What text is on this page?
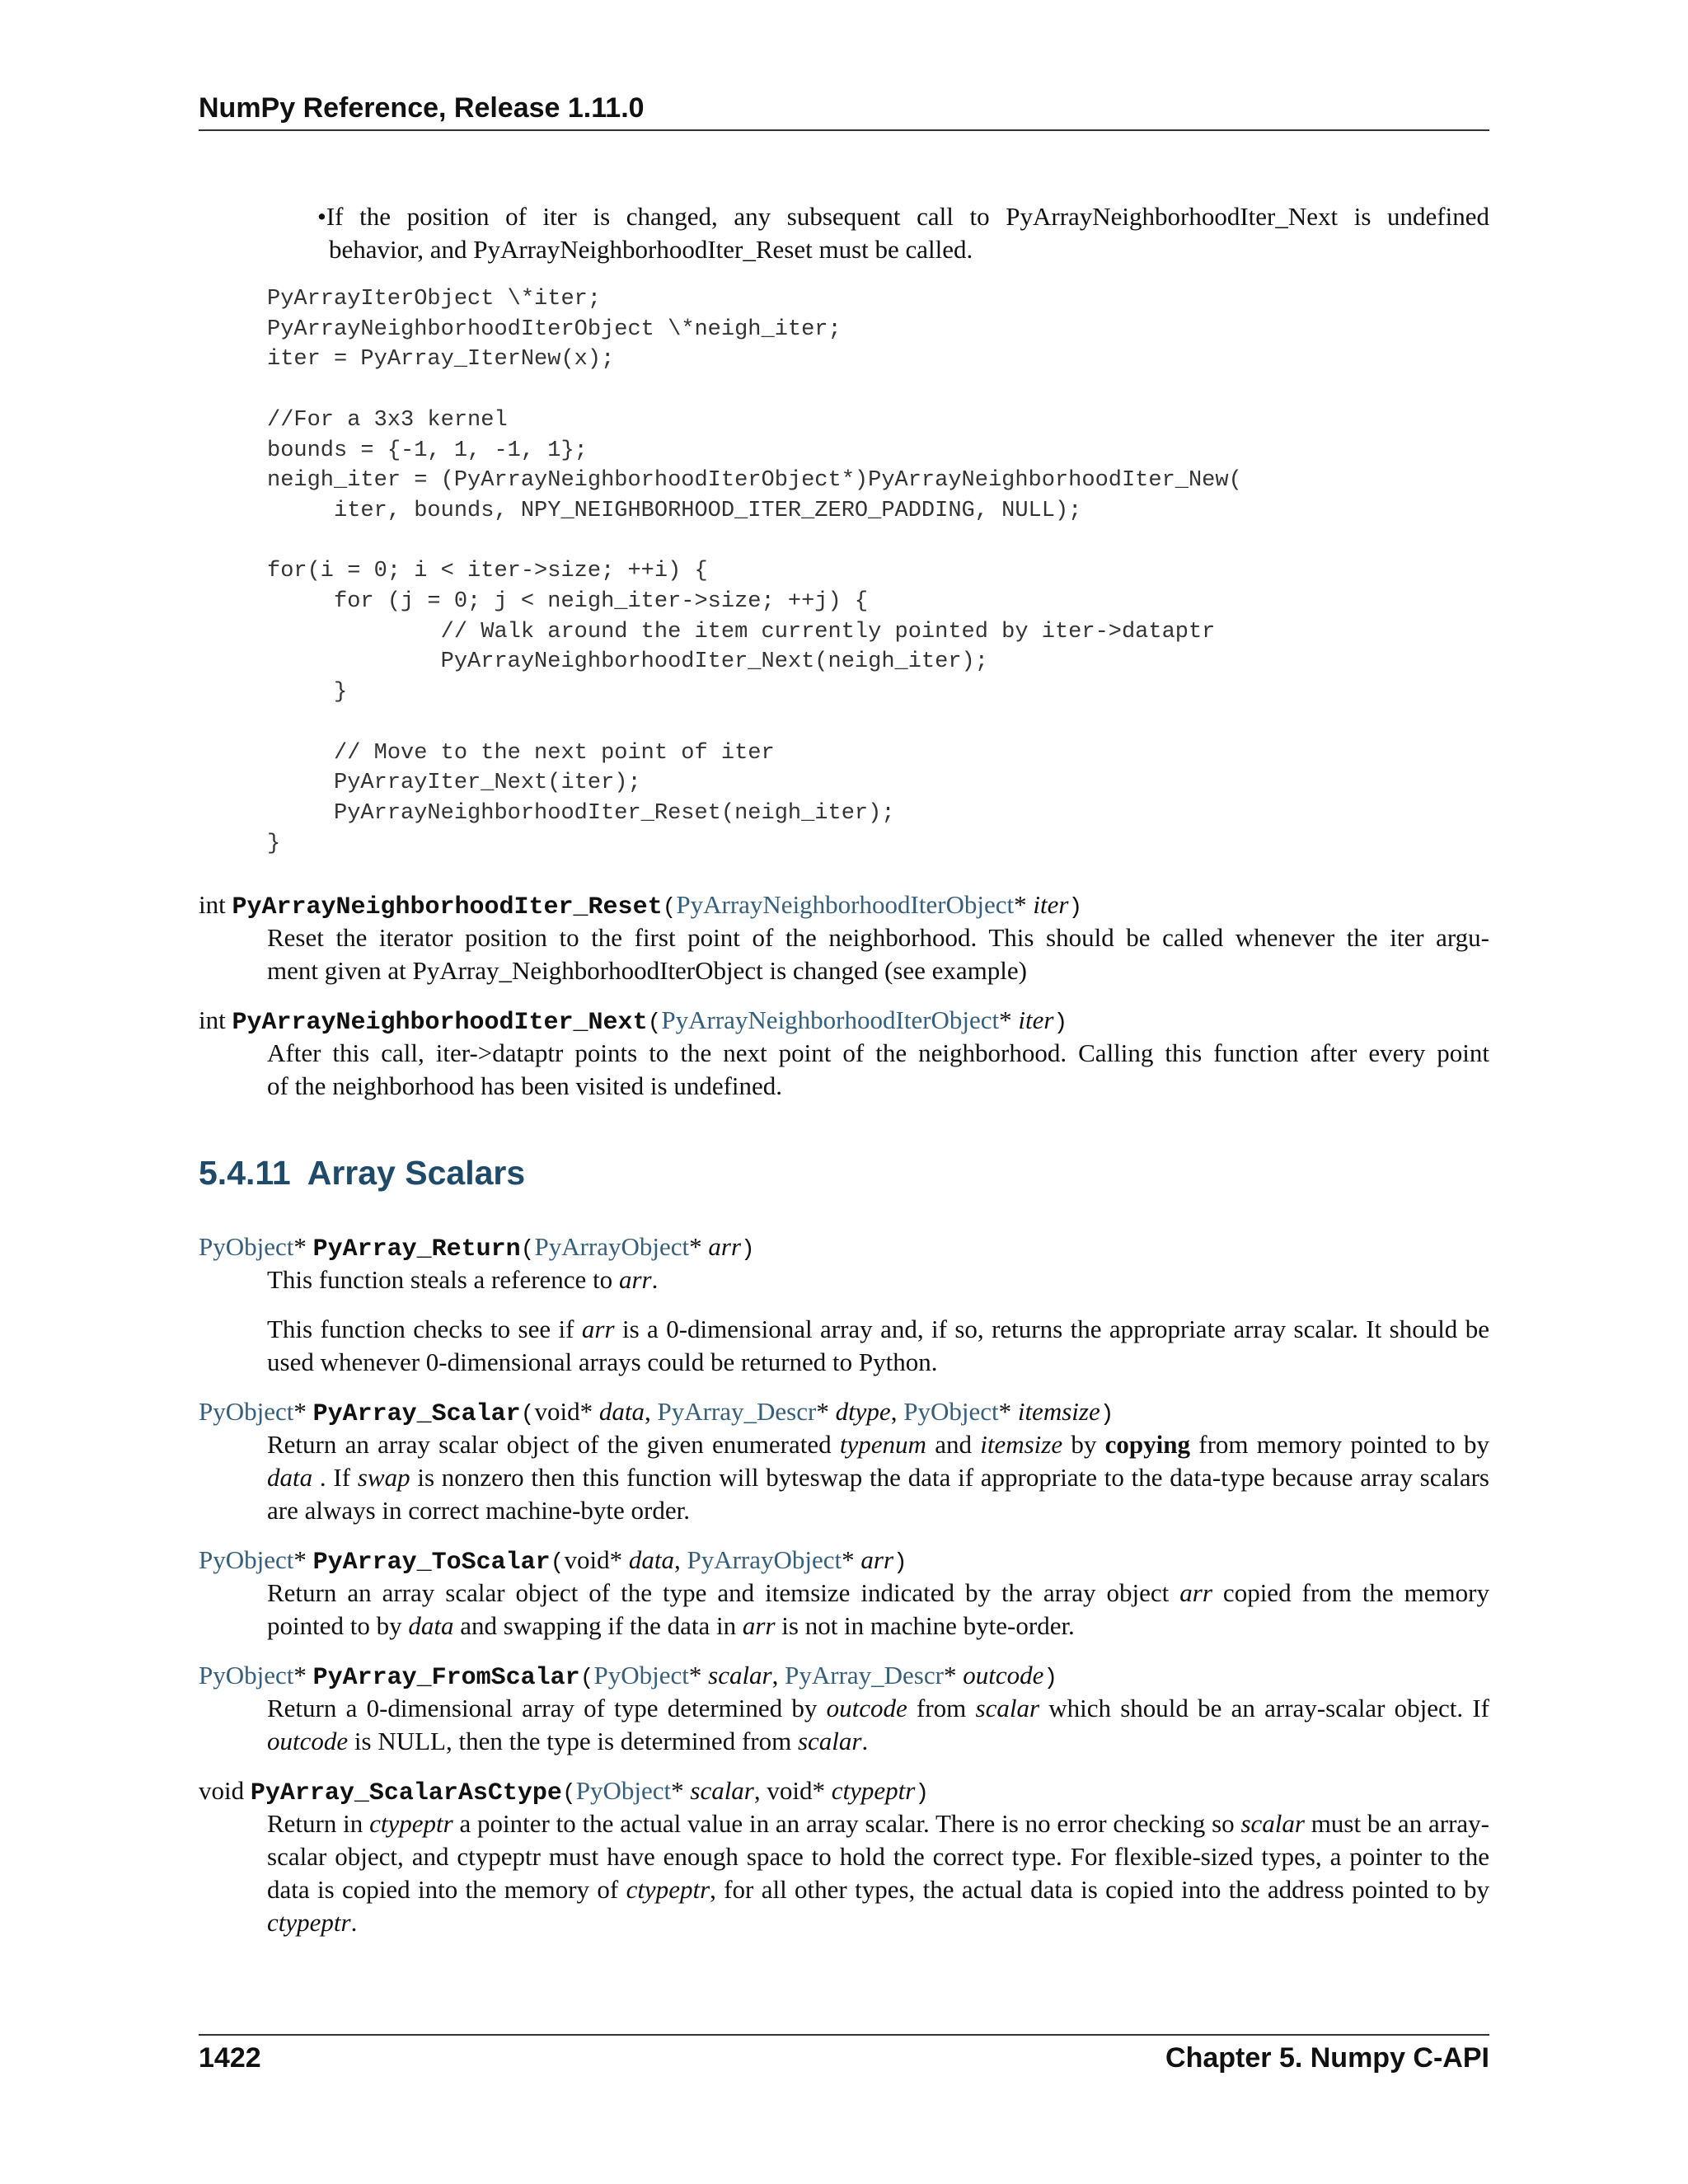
NumPy Reference, Release 1.11.0
•If the position of iter is changed, any subsequent call to PyArrayNeighborhoodIter_Next is undefined
behavior, and PyArrayNeighborhoodIter_Reset must be called.
PyArrayIterObject \*iter;
PyArrayNeighborhoodIterObject \*neigh_iter;
iter = PyArray_IterNew(x);

//For a 3x3 kernel
bounds = {-1, 1, -1, 1};
neigh_iter = (PyArrayNeighborhoodIterObject*)PyArrayNeighborhoodIter_New(
iter, bounds, NPY_NEIGHBORHOOD_ITER_ZERO_PADDING, NULL);

for(i = 0; i < iter->size; ++i) {
for (j = 0; j < neigh_iter->size; ++j) {
// Walk around the item currently pointed by iter->dataptr
PyArrayNeighborhoodIter_Next(neigh_iter);
}

// Move to the next point of iter
PyArrayIter_Next(iter);
PyArrayNeighborhoodIter_Reset(neigh_iter);
}
int PyArrayNeighborhoodIter_Reset(PyArrayNeighborhoodIterObject* iter)
Reset the iterator position to the first point of the neighborhood. This should be called whenever the iter argu-
ment given at PyArray_NeighborhoodIterObject is changed (see example)
int PyArrayNeighborhoodIter_Next(PyArrayNeighborhoodIterObject* iter)
After this call, iter->dataptr points to the next point of the neighborhood. Calling this function after every point
of the neighborhood has been visited is undefined.
5.4.11 Array Scalars
PyObject* PyArray_Return(PyArrayObject* arr)
This function steals a reference to arr.
This function checks to see if arr is a 0-dimensional array and, if so, returns the appropriate array scalar. It should be used whenever 0-dimensional arrays could be returned to Python.
PyObject* PyArray_Scalar(void* data, PyArray_Descr* dtype, PyObject* itemsize)
Return an array scalar object of the given enumerated typenum and itemsize by copying from memory pointed to by data . If swap is nonzero then this function will byteswap the data if appropriate to the data-type because array scalars are always in correct machine-byte order.
PyObject* PyArray_ToScalar(void* data, PyArrayObject* arr)
Return an array scalar object of the type and itemsize indicated by the array object arr copied from the memory pointed to by data and swapping if the data in arr is not in machine byte-order.
PyObject* PyArray_FromScalar(PyObject* scalar, PyArray_Descr* outcode)
Return a 0-dimensional array of type determined by outcode from scalar which should be an array-scalar object. If outcode is NULL, then the type is determined from scalar.
void PyArray_ScalarAsCtype(PyObject* scalar, void* ctypeptr)
Return in ctypeptr a pointer to the actual value in an array scalar. There is no error checking so scalar must be an array-scalar object, and ctypeptr must have enough space to hold the correct type. For flexible-sized types, a pointer to the data is copied into the memory of ctypeptr, for all other types, the actual data is copied into the address pointed to by ctypeptr.
1422	Chapter 5. Numpy C-API
